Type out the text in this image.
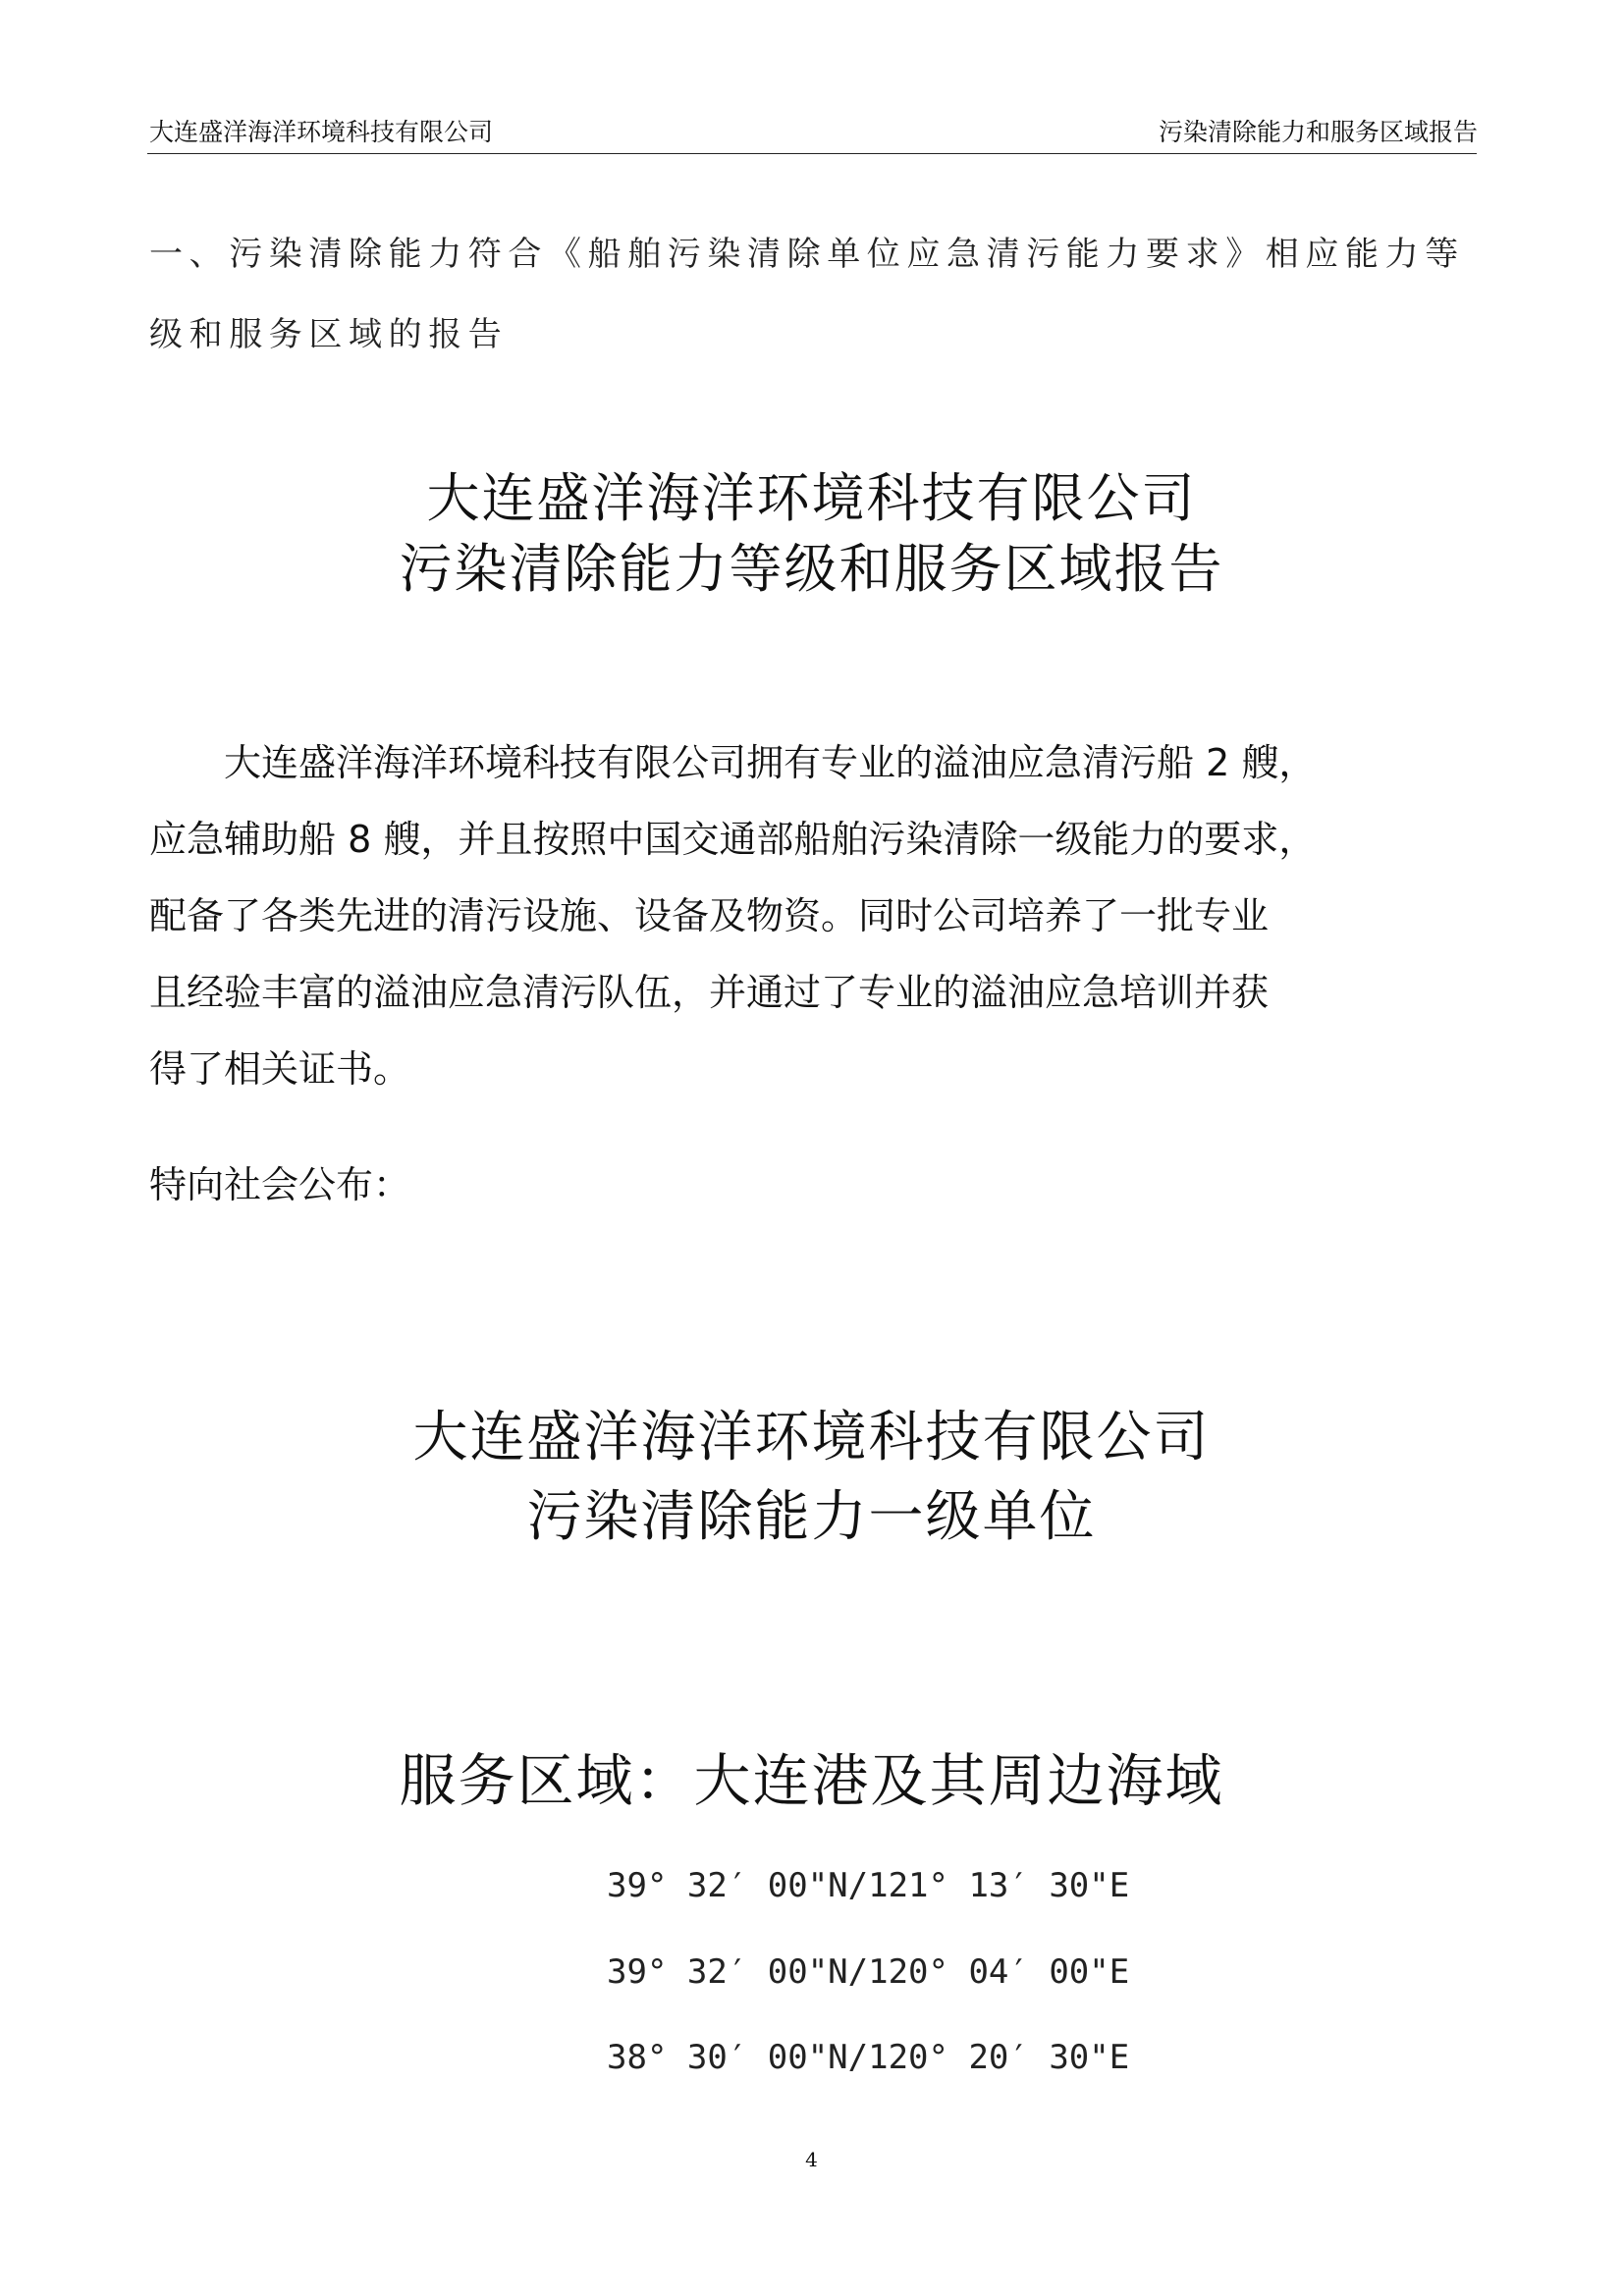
大连盛洋海洋环境科技有限公司	污染清除能力和服务区域报告
一、污染清除能力符合《船舶污染清除单位应急清污能力要求》相应能力等
级和服务区域的报告
大连盛洋海洋环境科技有限公司
污染清除能力等级和服务区域报告
　　大连盛洋海洋环境科技有限公司拥有专业的溢油应急清污船 2 艘，
应急辅助船 8 艘，并且按照中国交通部船舶污染清除一级能力的要求，
配备了各类先进的清污设施、设备及物资。同时公司培养了一批专业
且经验丰富的溢油应急清污队伍，并通过了专业的溢油应急培训并获
得了相关证书。
特向社会公布：
大连盛洋海洋环境科技有限公司
污染清除能力一级单位
服务区域：大连港及其周边海域
39° 32′ 00"N/121° 13′ 30"E
39° 32′ 00"N/120° 04′ 00"E
38° 30′ 00"N/120° 20′ 30"E
4
